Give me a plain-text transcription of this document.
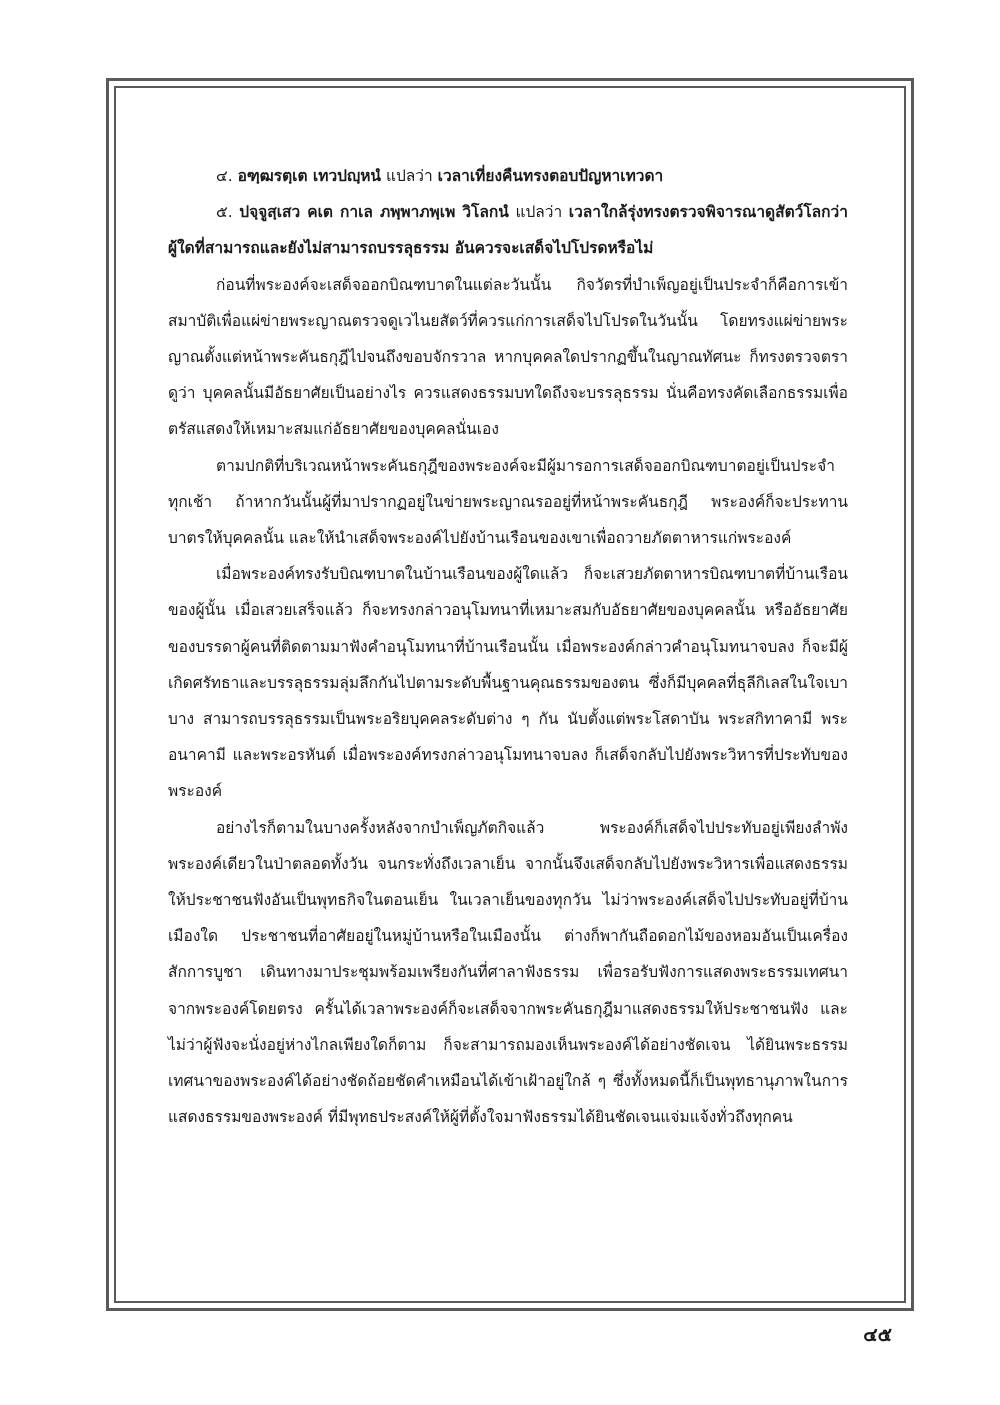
๔. อฑฺฒรตฺเต เทวปญฺหนํ แปลว่า เวลาเที่ยงคืนทรงตอบปัญหาเทวดา

๕. ปจฺจูสฺเสว คเต กาเล ภพฺพาภพฺเพ วิโลกนํ แปลว่า เวลาใกล้รุ่งทรงตรวจพิจารณาดูสัตว์โลกว่า ผู้ใดที่สามารถและยังไม่สามารถบรรลุธรรม อันควรจะเสด็จไปโปรดหรือไม่

ก่อนที่พระองค์จะเสด็จออกบิณฑบาตในแต่ละวันนั้น กิจวัตรที่บำเพ็ญอยู่เป็นประจำก็คือการเข้าสมาบัติเพื่อแผ่ข่ายพระญาณตรวจดูเวไนยสัตว์ที่ควรแก่การเสด็จไปโปรดในวันนั้น โดยทรงแผ่ข่ายพระญาณตั้งแต่หน้าพระคันธกุฎีไปจนถึงขอบจักรวาล หากบุคคลใดปรากฏขึ้นในญาณทัศนะ ก็ทรงตรวจตราดูว่า บุคคลนั้นมีอัธยาศัยเป็นอย่างไร ควรแสดงธรรมบทใดถึงจะบรรลุธรรม นั่นคือทรงคัดเลือกธรรมเพื่อตรัสแสดงให้เหมาะสมแก่อัธยาศัยของบุคคลนั่นเอง

ตามปกติที่บริเวณหน้าพระคันธกุฎีของพระองค์จะมีผู้มารอการเสด็จออกบิณฑบาตอยู่เป็นประจำทุกเช้า ถ้าหากวันนั้นผู้ที่มาปรากฏอยู่ในข่ายพระญาณรออยู่ที่หน้าพระคันธกุฎี พระองค์ก็จะประทานบาตรให้บุคคลนั้น และให้นำเสด็จพระองค์ไปยังบ้านเรือนของเขาเพื่อถวายภัตตาหารแก่พระองค์

เมื่อพระองค์ทรงรับบิณฑบาตในบ้านเรือนของผู้ใดแล้ว ก็จะเสวยภัตตาหารบิณฑบาตที่บ้านเรือนของผู้นั้น เมื่อเสวยเสร็จแล้ว ก็จะทรงกล่าวอนุโมทนาที่เหมาะสมกับอัธยาศัยของบุคคลนั้น หรืออัธยาศัยของบรรดาผู้คนที่ติดตามมาฟังคำอนุโมทนาที่บ้านเรือนนั้น เมื่อพระองค์กล่าวคำอนุโมทนาจบลง ก็จะมีผู้เกิดศรัทธาและบรรลุธรรมลุ่มลึกกันไปตามระดับพื้นฐานคุณธรรมของตน ซึ่งก็มีบุคคลที่ธุลีกิเลสในใจเบาบาง สามารถบรรลุธรรมเป็นพระอริยบุคคลระดับต่าง ๆ กัน นับตั้งแต่พระโสดาบัน พระสกิทาคามี พระอนาคามี และพระอรหันต์ เมื่อพระองค์ทรงกล่าวอนุโมทนาจบลง ก็เสด็จกลับไปยังพระวิหารที่ประทับของพระองค์

อย่างไรก็ตามในบางครั้งหลังจากบำเพ็ญภัตกิจแล้ว พระองค์ก็เสด็จไปประทับอยู่เพียงลำพังพระองค์เดียวในป่าตลอดทั้งวัน จนกระทั่งถึงเวลาเย็น จากนั้นจึงเสด็จกลับไปยังพระวิหารเพื่อแสดงธรรมให้ประชาชนฟังอันเป็นพุทธกิจในตอนเย็น ในเวลาเย็นของทุกวัน ไม่ว่าพระองค์เสด็จไปประทับอยู่ที่บ้านเมืองใด ประชาชนที่อาศัยอยู่ในหมู่บ้านหรือในเมืองนั้น ต่างก็พากันถือดอกไม้ของหอมอันเป็นเครื่องสักการบูชา เดินทางมาประชุมพร้อมเพรียงกันที่ศาลาฟังธรรม เพื่อรอรับฟังการแสดงพระธรรมเทศนาจากพระองค์โดยตรง ครั้นได้เวลาพระองค์ก็จะเสด็จจากพระคันธกุฎีมาแสดงธรรมให้ประชาชนฟัง และไม่ว่าผู้ฟังจะนั่งอยู่ห่างไกลเพียงใดก็ตาม ก็จะสามารถมองเห็นพระองค์ได้อย่างชัดเจน ได้ยินพระธรรมเทศนาของพระองค์ได้อย่างชัดถ้อยชัดคำเหมือนได้เข้าเฝ้าอยู่ใกล้ ๆ ซึ่งทั้งหมดนี้ก็เป็นพุทธานุภาพในการแสดงธรรมของพระองค์ ที่มีพุทธประสงค์ให้ผู้ที่ตั้งใจมาฟังธรรมได้ยินชัดเจนแจ่มแจ้งทั่วถึงทุกคน

๔๕
